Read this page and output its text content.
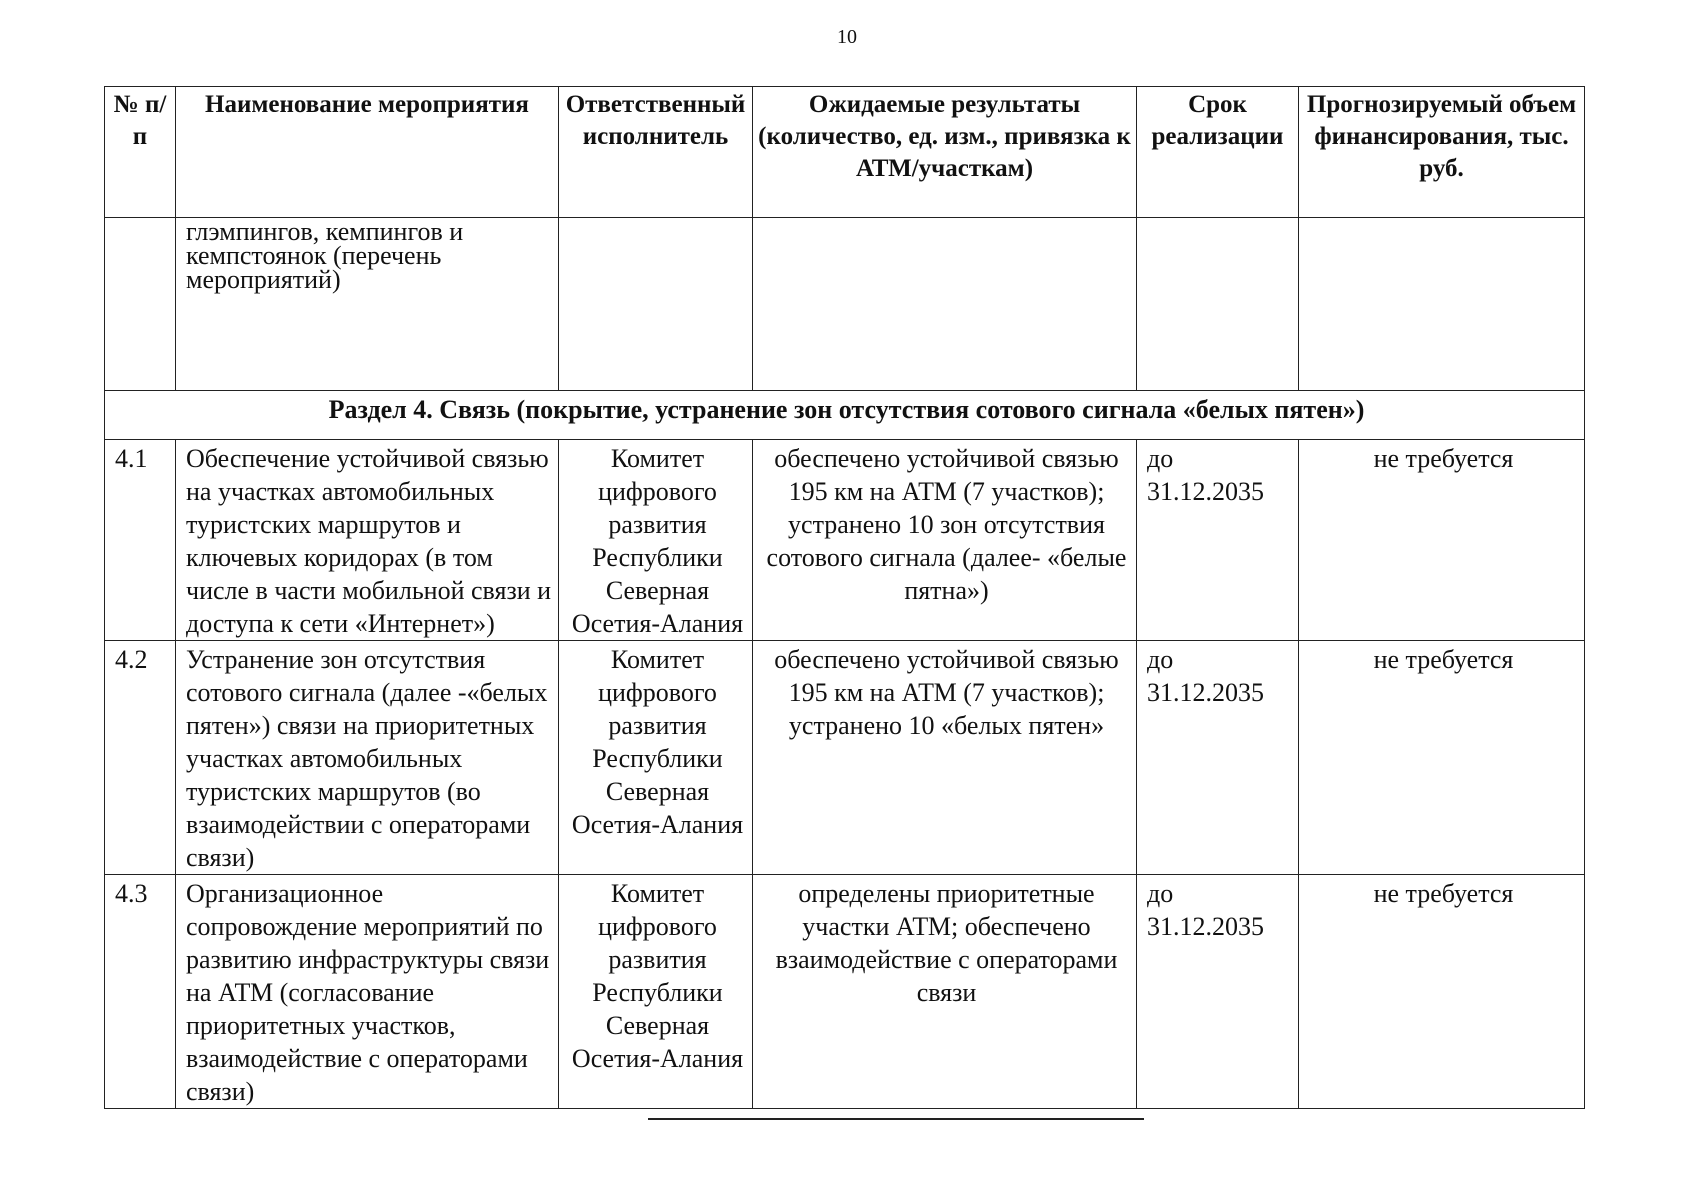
10
№ п/п	Наименование мероприятия	Ответственный исполнитель	Ожидаемые результаты (количество, ед. изм., привязка к АТМ/участкам)	Срок реализации	Прогнозируемый объем финансирования, тыс. руб.
	глэмпингов, кемпингов и кемпстоянок (перечень мероприятий)				
Раздел 4. Связь (покрытие, устранение зон отсутствия сотового сигнала «белых пятен»)					
4.1	Обеспечение устойчивой связью на участках автомобильных туристских маршрутов и ключевых коридорах (в том числе в части мобильной связи и доступа к сети «Интернет»)	Комитет цифрового развития Республики Северная Осетия-Алания	обеспечено устойчивой связью 195 км на АТМ (7 участков); устранено 10 зон отсутствия сотового сигнала (далее- «белые пятна»)	до 31.12.2035	не требуется
4.2	Устранение зон отсутствия сотового сигнала (далее -«белых пятен») связи на приоритетных участках автомобильных туристских маршрутов (во взаимодействии с операторами связи)	Комитет цифрового развития Республики Северная Осетия-Алания	обеспечено устойчивой связью 195 км на АТМ (7 участков); устранено 10 «белых пятен»	до 31.12.2035	не требуется
4.3	Организационное сопровождение мероприятий по развитию инфраструктуры связи на АТМ (согласование приоритетных участков, взаимодействие с операторами связи)	Комитет цифрового развития Республики Северная Осетия-Алания	определены приоритетные участки АТМ; обеспечено взаимодействие с операторами связи	до 31.12.2035	не требуется
